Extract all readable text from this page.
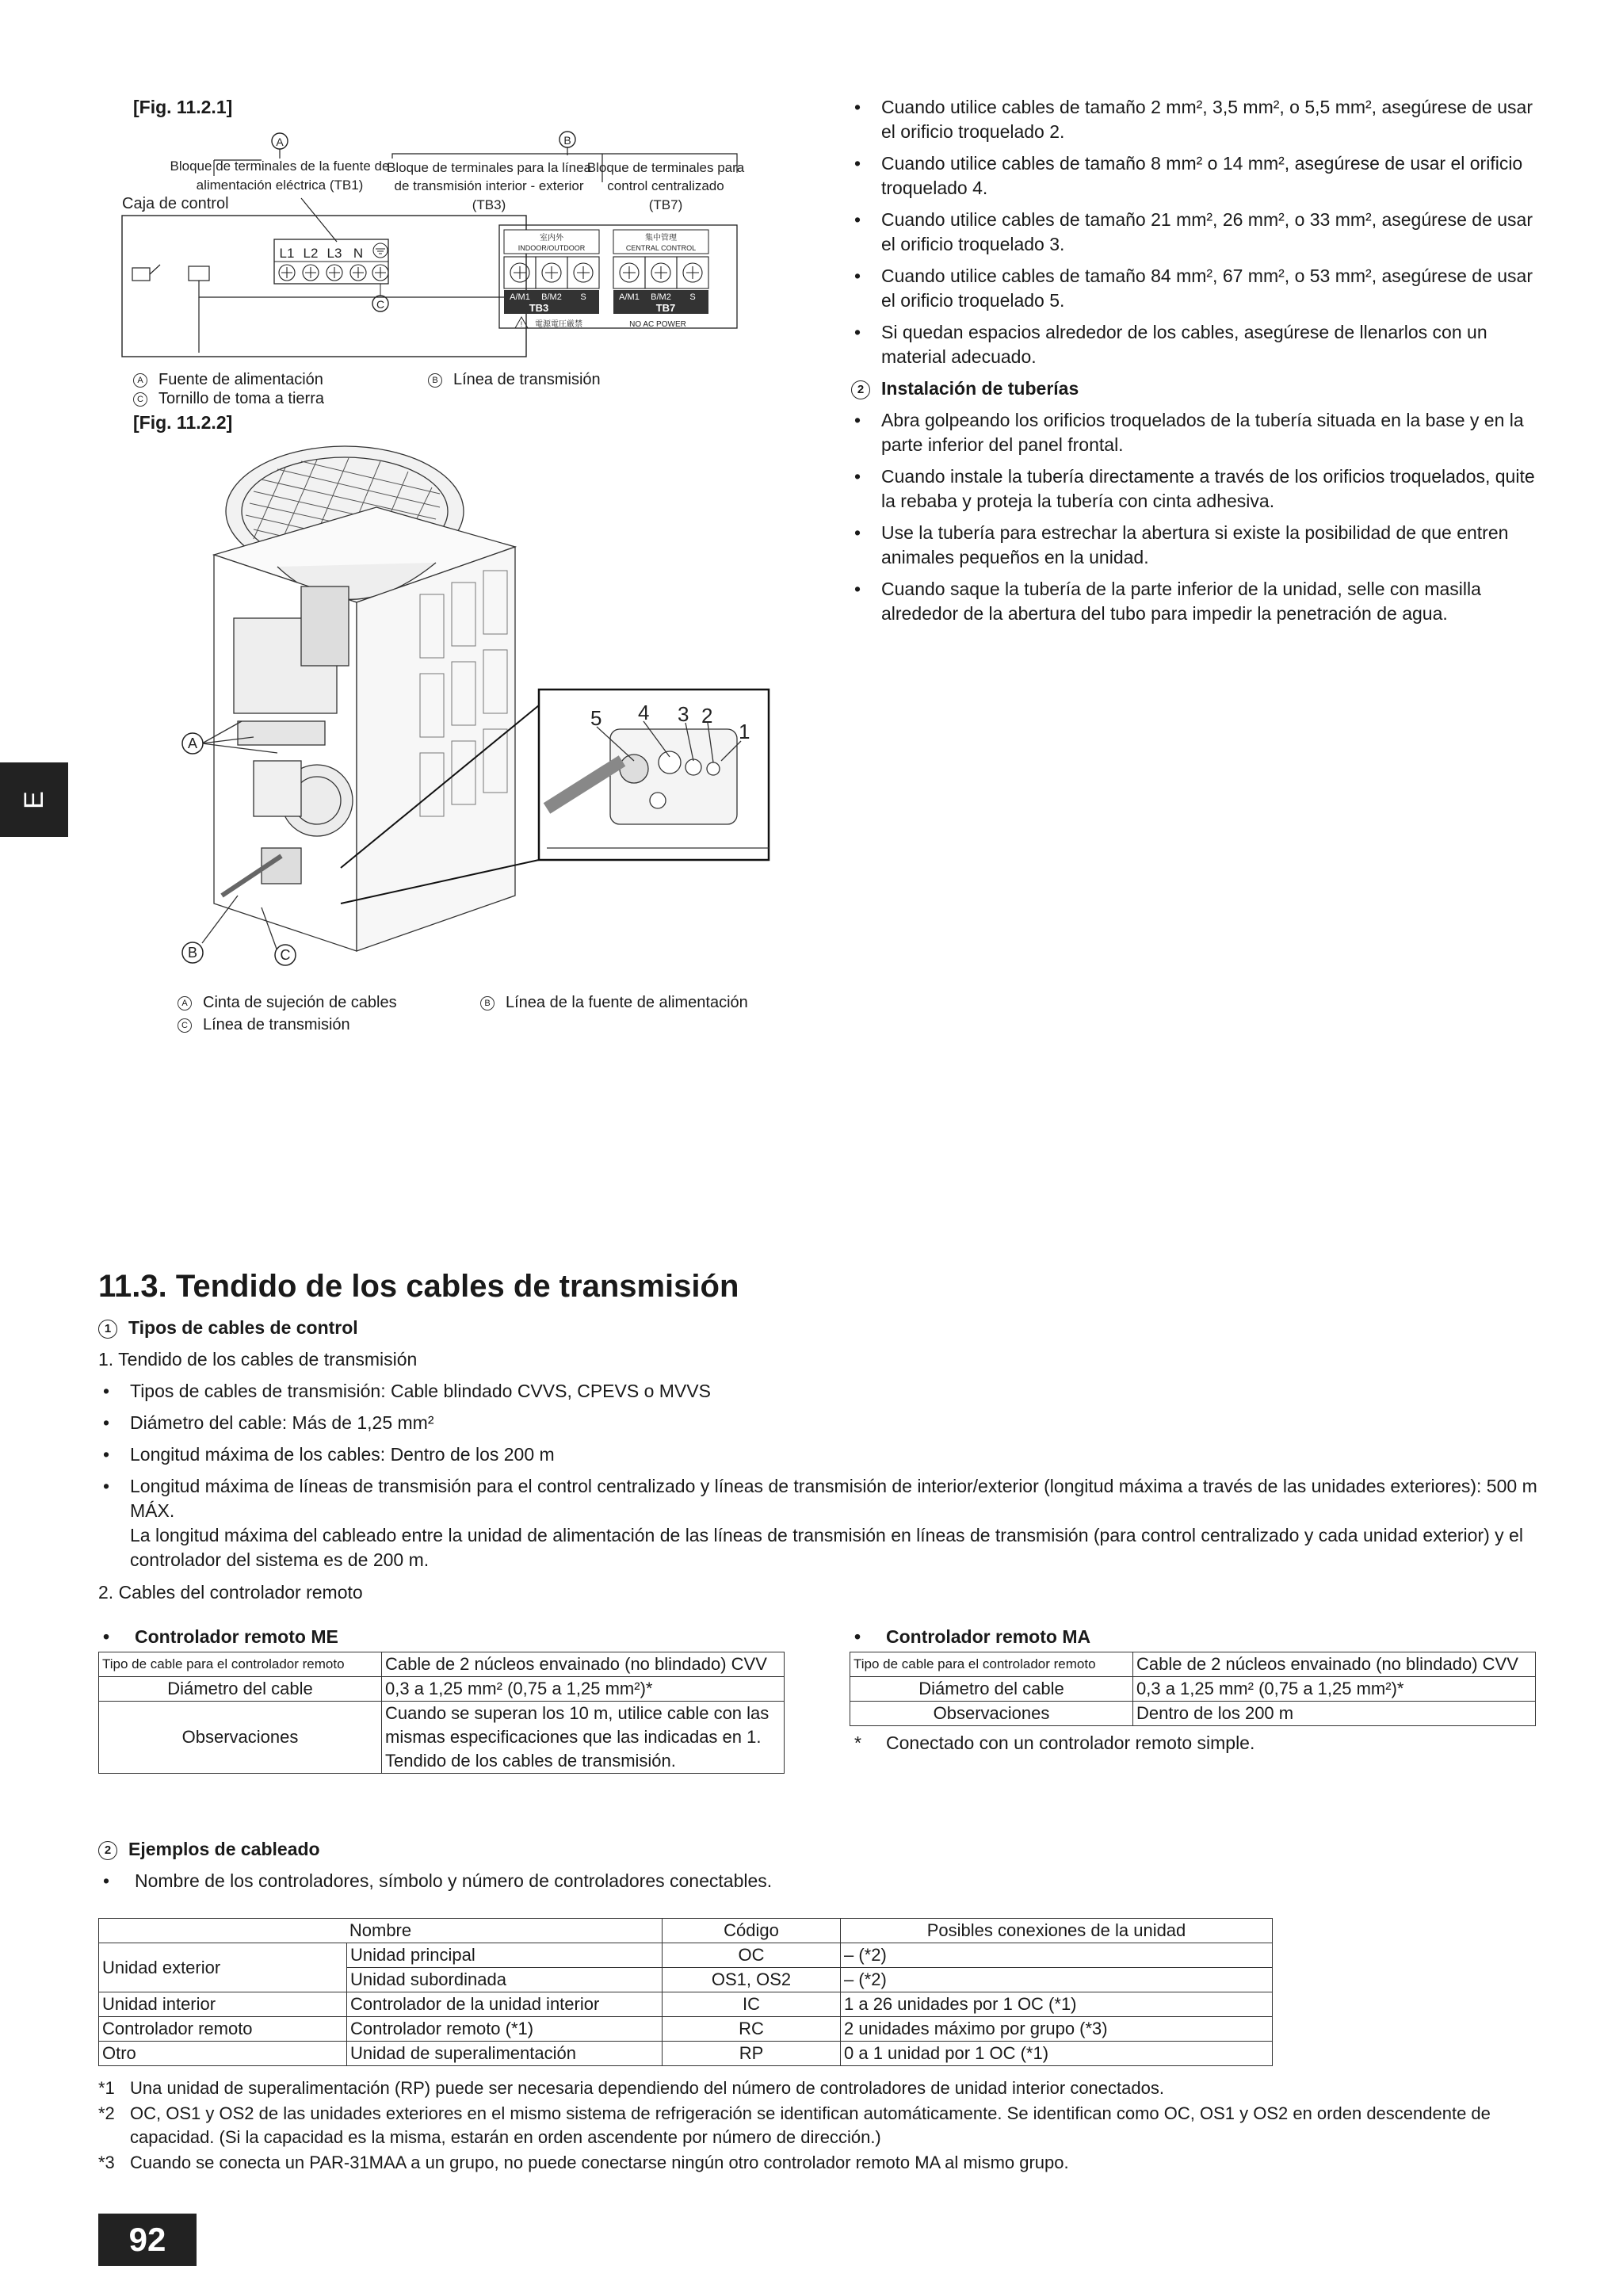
[Fig. 11.2.1]
A	B
Bloque de terminales de la fuente de
alimentación eléctrica (TB1)
Bloque de terminales para la línea
de transmisión interior - exterior
(TB3)
Bloque de terminales para
control centralizado
(TB7)
Caja de control
L1 L2 L3 N
C
室内外
INDOOR/OUTDOOR
集中管理
CENTRAL CONTROL
A/M1 B/M2 S	A/M1 B/M2 S
TB3	TB7
! 電源電圧厳禁	NO AC POWER
A Fuente de alimentación	B Línea de transmisión
C Tornillo de toma a tierra
[Fig. 11.2.2]
A
B	C
5 4 3 2
1
A Cinta de sujeción de cables	B Línea de la fuente de alimentación
C Línea de transmisión
• Cuando utilice cables de tamaño 2 mm², 3,5 mm², o 5,5 mm², asegúrese de usar el orificio troquelado 2.
• Cuando utilice cables de tamaño 8 mm² o 14 mm², asegúrese de usar el orificio troquelado 4.
• Cuando utilice cables de tamaño 21 mm², 26 mm², o 33 mm², asegúrese de usar el orificio troquelado 3.
• Cuando utilice cables de tamaño 84 mm², 67 mm², o 53 mm², asegúrese de usar el orificio troquelado 5.
• Si quedan espacios alrededor de los cables, asegúrese de llenarlos con un material adecuado.
2 Instalación de tuberías
• Abra golpeando los orificios troquelados de la tubería situada en la base y en la parte inferior del panel frontal.
• Cuando instale la tubería directamente a través de los orificios troquelados, quite la rebaba y proteja la tubería con cinta adhesiva.
• Use la tubería para estrechar la abertura si existe la posibilidad de que entren animales pequeños en la unidad.
• Cuando saque la tubería de la parte inferior de la unidad, selle con masilla alrededor de la abertura del tubo para impedir la penetración de agua.
E
11.3. Tendido de los cables de transmisión
1 Tipos de cables de control
1. Tendido de los cables de transmisión
• Tipos de cables de transmisión: Cable blindado CVVS, CPEVS o MVVS
• Diámetro del cable: Más de 1,25 mm²
• Longitud máxima de los cables: Dentro de los 200 m
• Longitud máxima de líneas de transmisión para el control centralizado y líneas de transmisión de interior/exterior (longitud máxima a través de las unidades exteriores): 500 m MÁX.
La longitud máxima del cableado entre la unidad de alimentación de las líneas de transmisión en líneas de transmisión (para control centralizado y cada unidad exterior) y el controlador del sistema es de 200 m.
2. Cables del controlador remoto
• Controlador remoto ME
Tipo de cable para el controlador remoto	Cable de 2 núcleos envainado (no blindado) CVV
Diámetro del cable	0,3 a 1,25 mm² (0,75 a 1,25 mm²)*
Observaciones	Cuando se superan los 10 m, utilice cable con las mismas especificaciones que las indicadas en 1. Tendido de los cables de transmisión.
• Controlador remoto MA
Tipo de cable para el controlador remoto	Cable de 2 núcleos envainado (no blindado) CVV
Diámetro del cable	0,3 a 1,25 mm² (0,75 a 1,25 mm²)*
Observaciones	Dentro de los 200 m
* Conectado con un controlador remoto simple.
2 Ejemplos de cableado
• Nombre de los controladores, símbolo y número de controladores conectables.
Nombre		Código	Posibles conexiones de la unidad
Unidad exterior	Unidad principal	OC	– (*2)
	Unidad subordinada	OS1, OS2	– (*2)
Unidad interior	Controlador de la unidad interior	IC	1 a 26 unidades por 1 OC (*1)
Controlador remoto	Controlador remoto (*1)	RC	2 unidades máximo por grupo (*3)
Otro	Unidad de superalimentación	RP	0 a 1 unidad por 1 OC (*1)
*1 Una unidad de superalimentación (RP) puede ser necesaria dependiendo del número de controladores de unidad interior conectados.
*2 OC, OS1 y OS2 de las unidades exteriores en el mismo sistema de refrigeración se identifican automáticamente. Se identifican como OC, OS1 y OS2 en orden descendente de capacidad. (Si la capacidad es la misma, estarán en orden ascendente por número de dirección.)
*3 Cuando se conecta un PAR-31MAA a un grupo, no puede conectarse ningún otro controlador remoto MA al mismo grupo.
92
